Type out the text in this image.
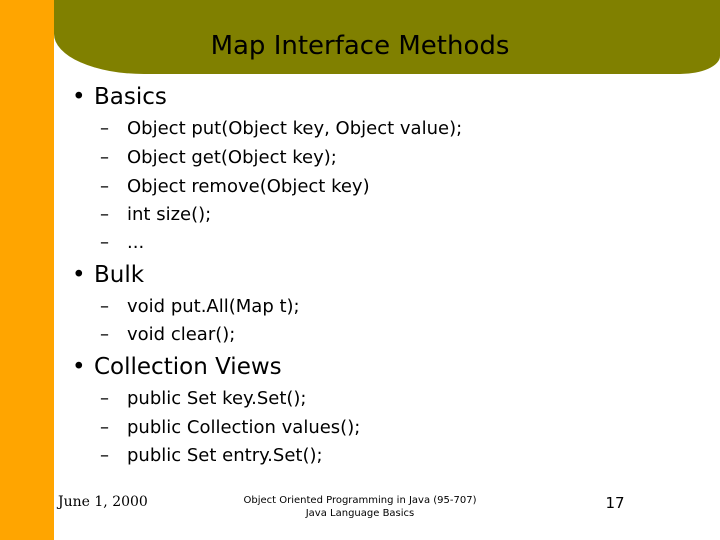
Map Interface Methods
• Basics
– Object put(Object key, Object value);
– Object get(Object key);
– Object remove(Object key)
– int size();
– ...
• Bulk
– void put.All(Map t);
– void clear();
• Collection Views
– public Set key.Set();
– public Collection values();
– public Set entry.Set();
June 1, 2000	Object Oriented Programming in Java (95-707)
Java Language Basics
17
